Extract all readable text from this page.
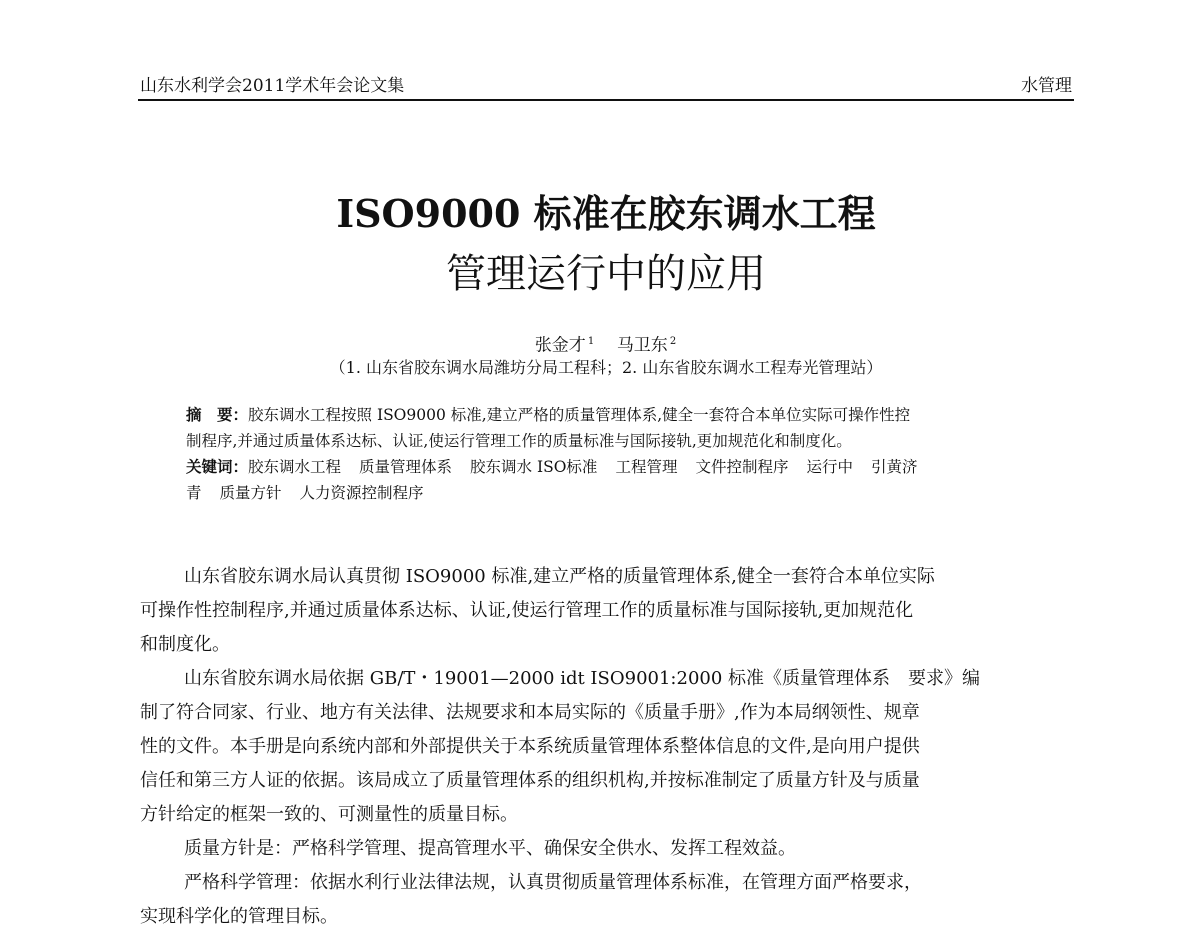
山东水利学会2011学术年会论文集	水管理
ISO9000 标准在胶东调水工程
管理运行中的应用
张金才 $^1$ 马卫东 $^2$
（1. 山东省胶东调水局潍坊分局工程科；2. 山东省胶东调水工程寿光管理站）
摘　要：胶东调水工程按照 ISO9000 标准,建立严格的质量管理体系,健全一套符合本单位实际可操作性控
制程序,并通过质量体系达标、认证,使运行管理工作的质量标准与国际接轨,更加规范化和制度化。
关键词：胶东调水工程 质量管理体系 胶东调水 ISO标准 工程管理 文件控制程序 运行中 引黄济
青 质量方针 人力资源控制程序
山东省胶东调水局认真贯彻 ISO9000 标准,建立严格的质量管理体系,健全一套符合本单位实际
可操作性控制程序,并通过质量体系达标、认证,使运行管理工作的质量标准与国际接轨,更加规范化
和制度化。
山东省胶东调水局依据 GB/T・19001—2000 idt ISO9001:2000 标准《质量管理体系　要求》编
制了符合同家、行业、地方有关法律、法规要求和本局实际的《质量手册》,作为本局纲领性、规章
性的文件。本手册是向系统内部和外部提供关于本系统质量管理体系整体信息的文件,是向用户提供
信任和第三方人证的依据。该局成立了质量管理体系的组织机构,并按标准制定了质量方针及与质量
方针给定的框架一致的、可测量性的质量目标。
质量方针是：严格科学管理、提高管理水平、确保安全供水、发挥工程效益。
严格科学管理：依据水利行业法律法规，认真贯彻质量管理体系标准，在管理方面严格要求，
实现科学化的管理目标。
